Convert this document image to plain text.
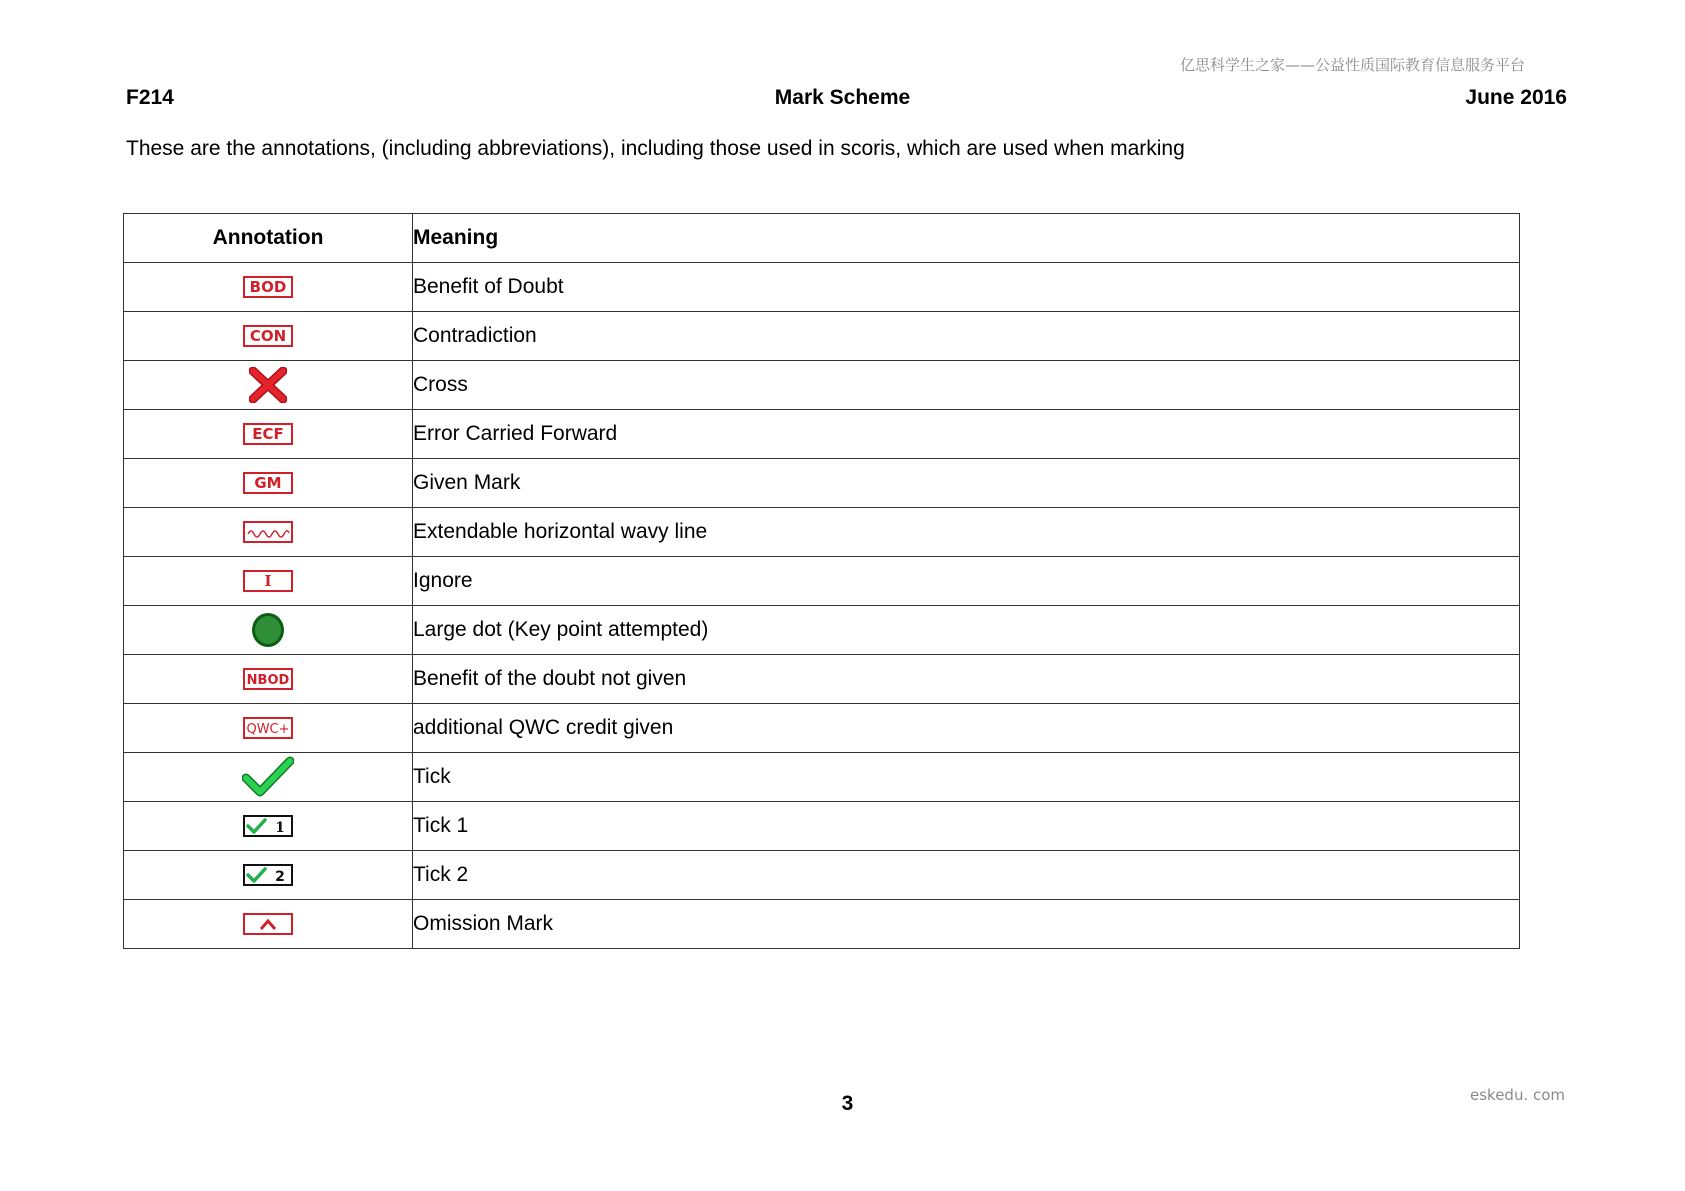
亿思科学生之家——公益性质国际教育信息服务平台
F214	Mark Scheme	June 2016
These are the annotations, (including abbreviations), including those used in scoris, which are used when marking
Annotation	Meaning

BOD	Benefit of Doubt

CON	Contradiction
	Cross

ECF	Error Carried Forward

GM	Given Mark
	Extendable horizontal wavy line

I	Ignore
	Large dot (Key point attempted)

NBOD	Benefit of the doubt not given

QWC+	additional QWC credit given
	Tick

1	Tick 1

2	Tick 2
	Omission Mark
3	eskedu. com
